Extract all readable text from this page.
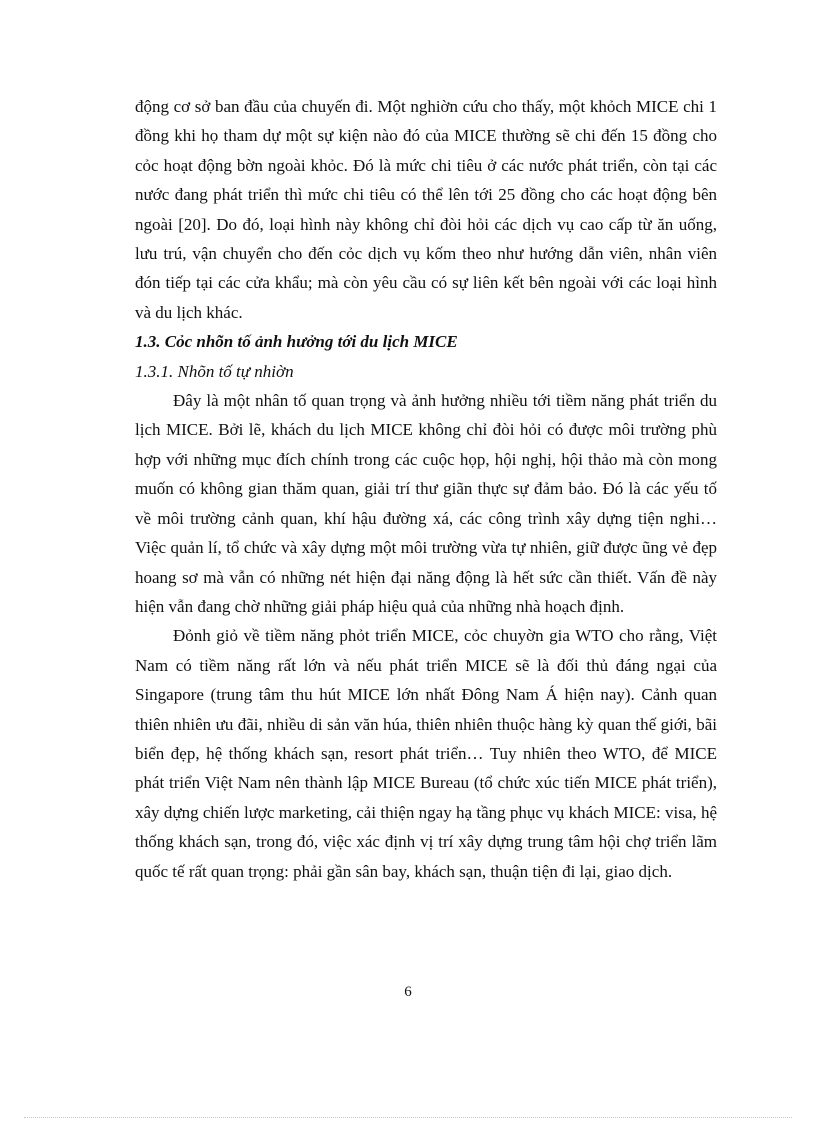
động cơ sở ban đầu của chuyến đi. Một nghiờn cứu cho thấy, một khỏch MICE chi 1 đồng khi họ tham dự một sự kiện nào đó của MICE thường sẽ chi đến 15 đồng cho cỏc hoạt động bờn ngoài khỏc. Đó là mức chi tiêu ở các nước phát triển, còn tại các nước đang phát triển thì mức chi tiêu có thể lên tới 25 đồng cho các hoạt động bên ngoài [20]. Do đó, loại hình này không chỉ đòi hỏi các dịch vụ cao cấp từ ăn uống, lưu trú, vận chuyển cho đến cỏc dịch vụ kốm theo như hướng dẫn viên, nhân viên đón tiếp tại các cửa khẩu; mà còn yêu cầu có sự liên kết bên ngoài với các loại hình và du lịch khác.

1.3. Cỏc nhõn tố ảnh hưởng tới du lịch MICE

1.3.1. Nhõn tố tự nhiờn

Đây là một nhân tố quan trọng và ảnh hưởng nhiều tới tiềm năng phát triển du lịch MICE. Bởi lẽ, khách du lịch MICE không chỉ đòi hỏi có được môi trường phù hợp với những mục đích chính trong các cuộc họp, hội nghị, hội thảo mà còn mong muốn có không gian thăm quan, giải trí thư giãn thực sự đảm bảo. Đó là các yếu tố về môi trường cảnh quan, khí hậu đường xá, các công trình xây dựng tiện nghi…Việc quản lí, tổ chức và xây dựng một môi trường vừa tự nhiên, giữ được ũng vẻ đẹp hoang sơ mà vẫn có những nét hiện đại năng động là hết sức cần thiết. Vấn đề này hiện vẫn đang chờ những giải pháp hiệu quả của những nhà hoạch định.

Đỏnh giỏ về tiềm năng phỏt triển MICE, cỏc chuyờn gia WTO cho rằng, Việt Nam có tiềm năng rất lớn và nếu phát triển MICE sẽ là đối thủ đáng ngại của Singapore (trung tâm thu hút MICE lớn nhất Đông Nam Á hiện nay). Cảnh quan thiên nhiên ưu đãi, nhiều di sản văn húa, thiên nhiên thuộc hàng kỳ quan thế giới, bãi biển đẹp, hệ thống khách sạn, resort phát triển… Tuy nhiên theo WTO, để MICE phát triển Việt Nam nên thành lập MICE Bureau (tổ chức xúc tiến MICE phát triển), xây dựng chiến lược marketing, cải thiện ngay hạ tầng phục vụ khách MICE: visa, hệ thống khách sạn, trong đó, việc xác định vị trí xây dựng trung tâm hội chợ triển lãm quốc tế rất quan trọng: phải gần sân bay, khách sạn, thuận tiện đi lại, giao dịch.

6
